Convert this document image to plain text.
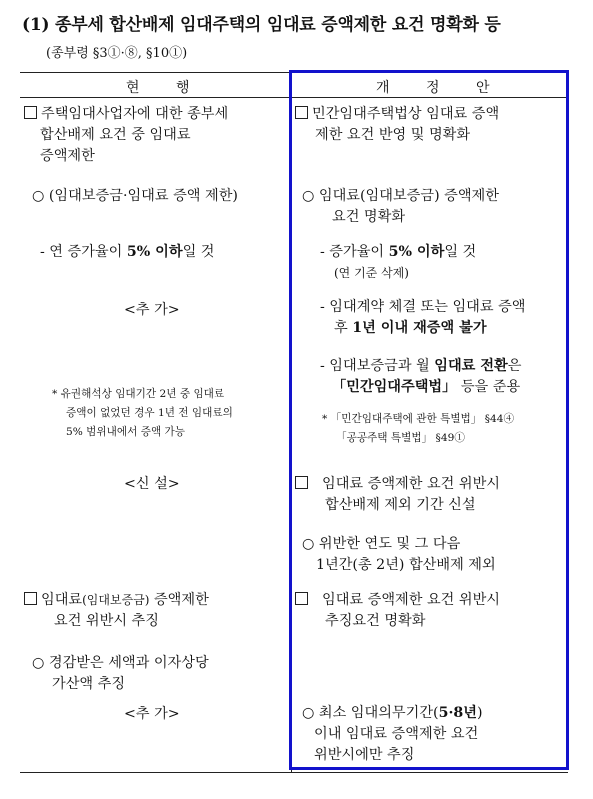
(1) 종부세 합산배제 임대주택의 임대료 증액제한 요건 명확화 등
(종부령 §3①·⑧, §10①)
현 행	개 정 안
주택임대사업자에 대한 종부세
합산배제 요건 중 임대료
증액제한
○ (임대보증금·임대료 증액 제한)
- 연 증가율이 5% 이하일 것
<추 가>
* 유권해석상 임대기간 2년 중 임대료
증액이 없었던 경우 1년 전 임대료의
5% 범위내에서 증액 가능
<신 설>
임대료(임대보증금) 증액제한
요건 위반시 추징
○ 경감받은 세액과 이자상당
가산액 추징
<추 가>
민간임대주택법상 임대료 증액
제한 요건 반영 및 명확화
○ 임대료(임대보증금) 증액제한
요건 명확화
- 증가율이 5% 이하일 것
(연 기준 삭제)
- 임대계약 체결 또는 임대료 증액
후 1년 이내 재증액 불가
- 임대보증금과 월 임대료 전환은
「민간임대주택법」 등을 준용
* 「민간임대주택에 관한 특별법」 §44④
「공공주택 특별법」 §49①
임대료 증액제한 요건 위반시
합산배제 제외 기간 신설
○ 위반한 연도 및 그 다음
1년간(총 2년) 합산배제 제외
임대료 증액제한 요건 위반시
추징요건 명확화
○ 최소 임대의무기간(5·8년)
이내 임대료 증액제한 요건
위반시에만 추징
